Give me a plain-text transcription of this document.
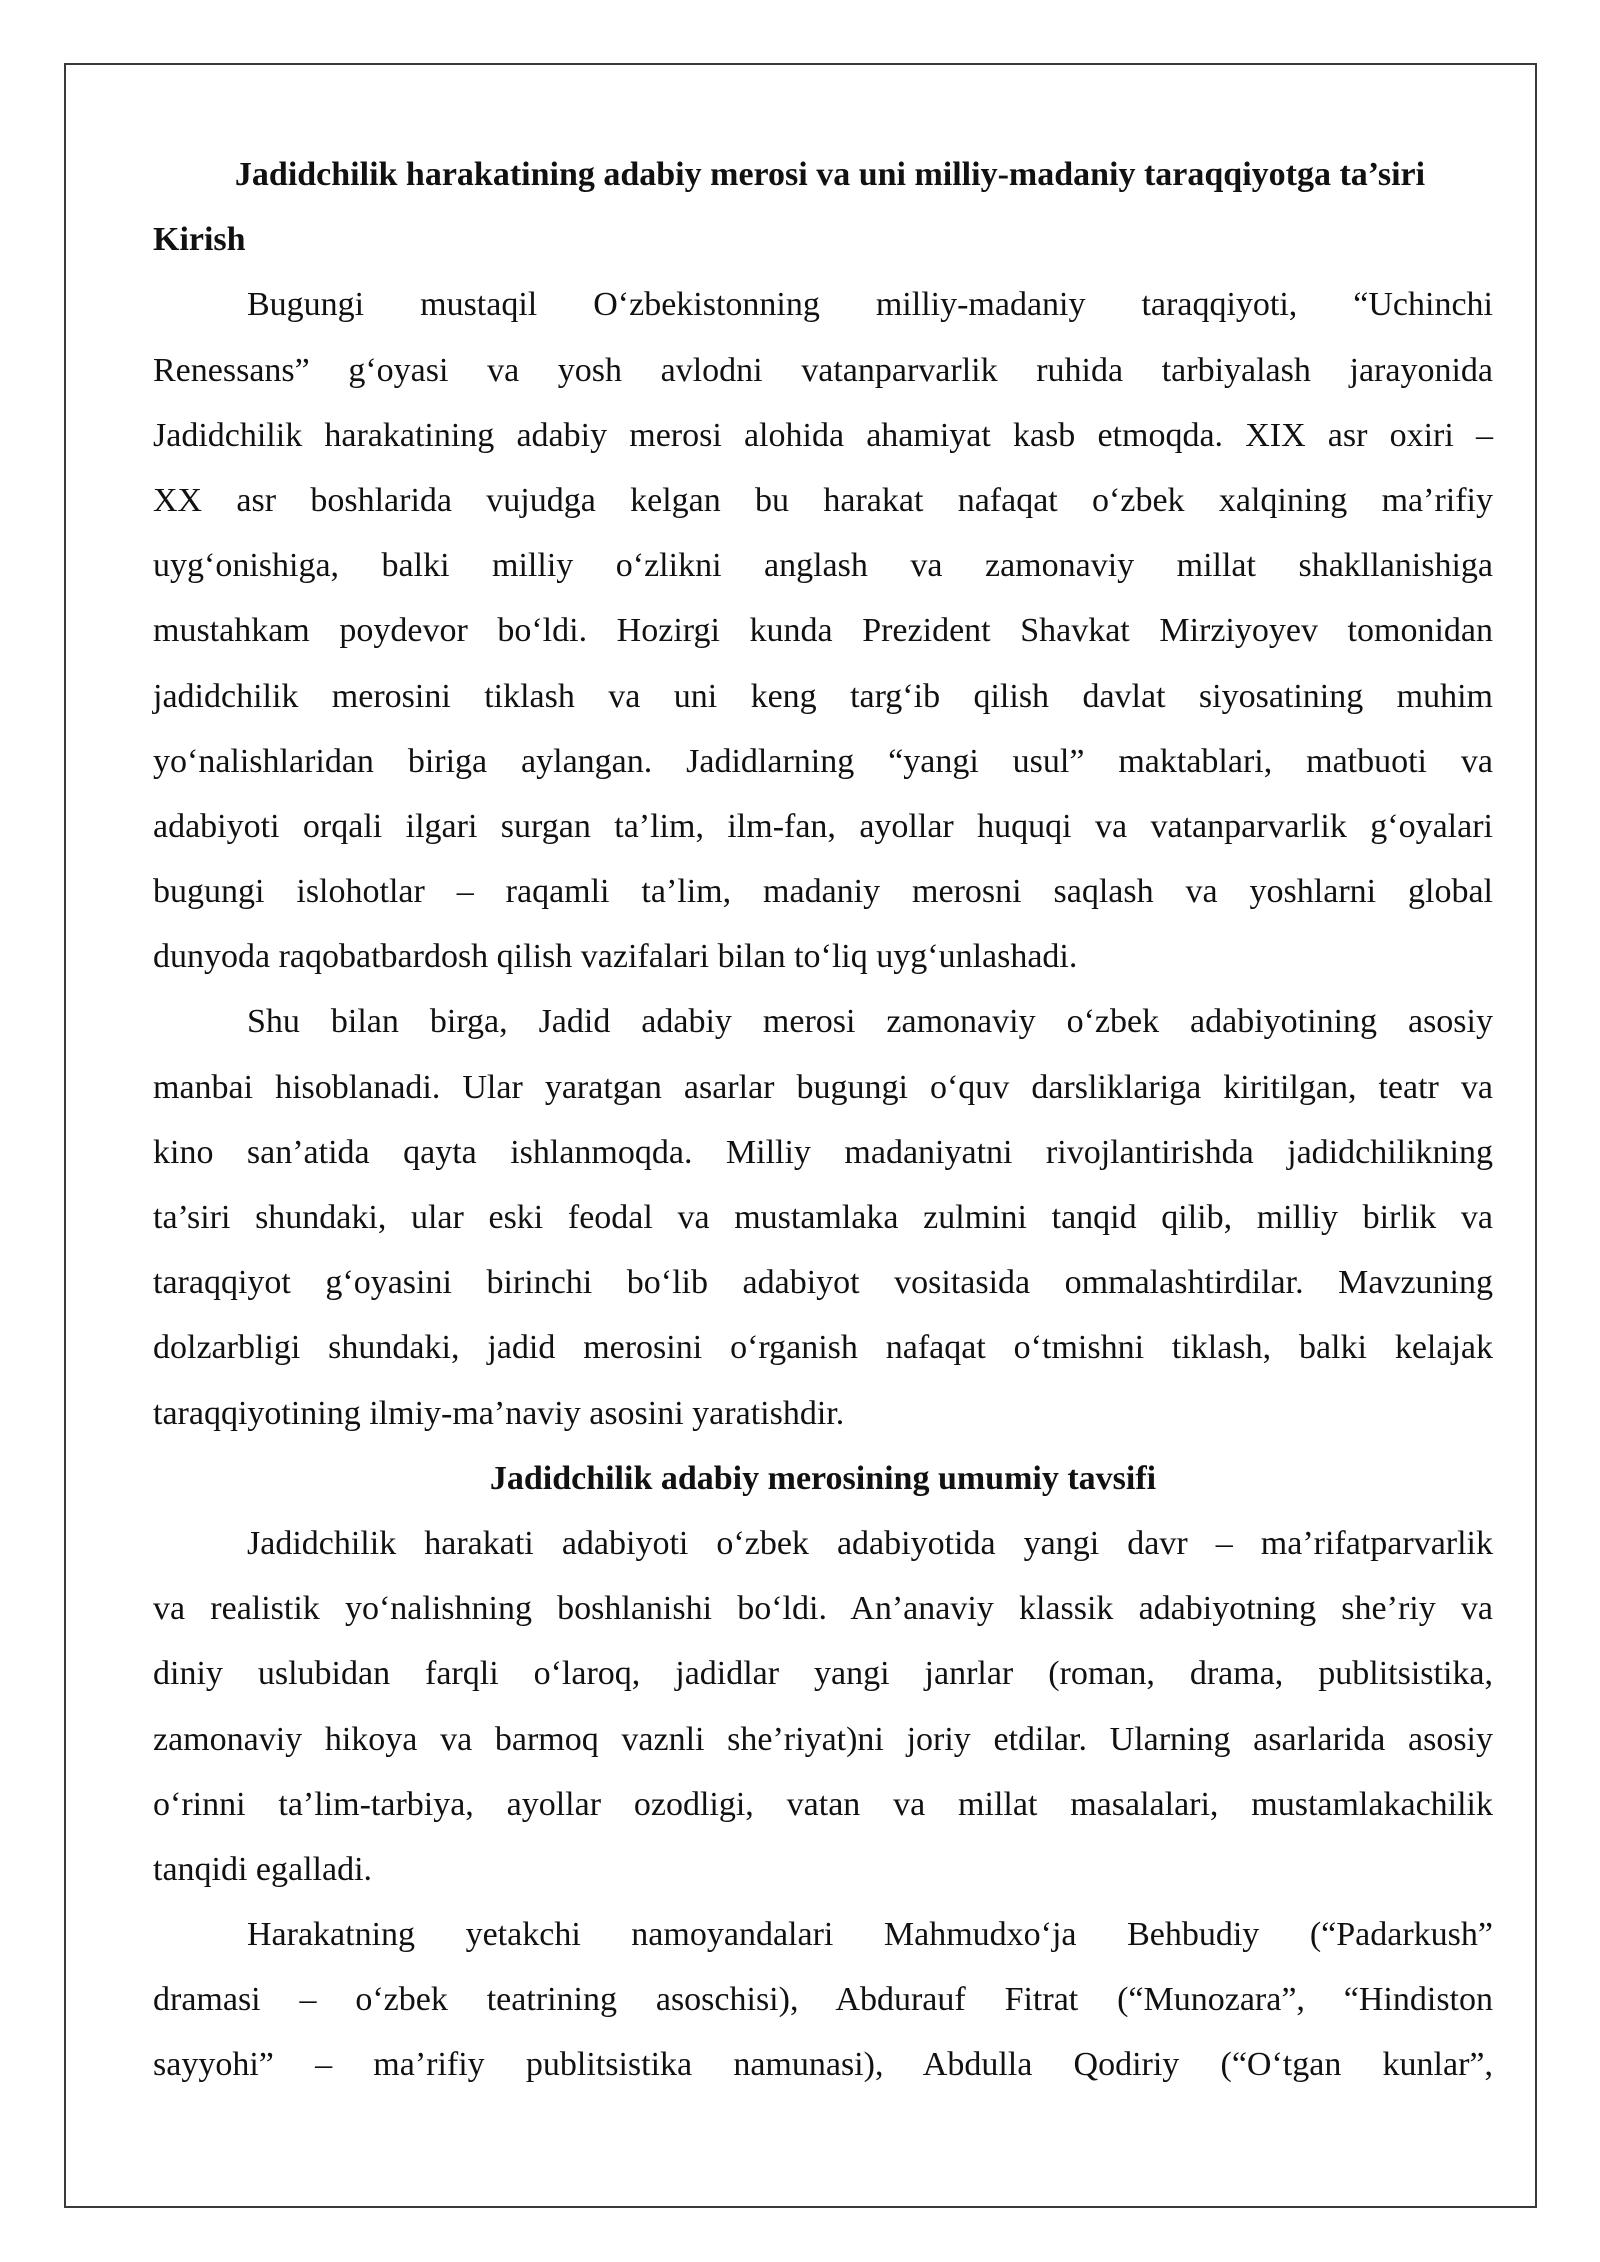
Jadidchilik harakatining adabiy merosi va uni milliy-madaniy taraqqiyotga ta’siri
Kirish
Bugungi mustaqil O‘zbekistonning milliy-madaniy taraqqiyoti, “Uchinchi
Renessans” g‘oyasi va yosh avlodni vatanparvarlik ruhida tarbiyalash jarayonida
Jadidchilik harakatining adabiy merosi alohida ahamiyat kasb etmoqda. XIX asr oxiri –
XX asr boshlarida vujudga kelgan bu harakat nafaqat o‘zbek xalqining ma’rifiy
uyg‘onishiga, balki milliy o‘zlikni anglash va zamonaviy millat shakllanishiga
mustahkam poydevor bo‘ldi. Hozirgi kunda Prezident Shavkat Mirziyoyev tomonidan
jadidchilik merosini tiklash va uni keng targ‘ib qilish davlat siyosatining muhim
yo‘nalishlaridan biriga aylangan. Jadidlarning “yangi usul” maktablari, matbuoti va
adabiyoti orqali ilgari surgan ta’lim, ilm-fan, ayollar huquqi va vatanparvarlik g‘oyalari
bugungi islohotlar – raqamli ta’lim, madaniy merosni saqlash va yoshlarni global
dunyoda raqobatbardosh qilish vazifalari bilan to‘liq uyg‘unlashadi.
Shu bilan birga, Jadid adabiy merosi zamonaviy o‘zbek adabiyotining asosiy
manbai hisoblanadi. Ular yaratgan asarlar bugungi o‘quv darsliklariga kiritilgan, teatr va
kino san’atida qayta ishlanmoqda. Milliy madaniyatni rivojlantirishda jadidchilikning
ta’siri shundaki, ular eski feodal va mustamlaka zulmini tanqid qilib, milliy birlik va
taraqqiyot g‘oyasini birinchi bo‘lib adabiyot vositasida ommalashtirdilar. Mavzuning
dolzarbligi shundaki, jadid merosini o‘rganish nafaqat o‘tmishni tiklash, balki kelajak
taraqqiyotining ilmiy-ma’naviy asosini yaratishdir.
Jadidchilik adabiy merosining umumiy tavsifi
Jadidchilik harakati adabiyoti o‘zbek adabiyotida yangi davr – ma’rifatparvarlik
va realistik yo‘nalishning boshlanishi bo‘ldi. An’anaviy klassik adabiyotning she’riy va
diniy uslubidan farqli o‘laroq, jadidlar yangi janrlar (roman, drama, publitsistika,
zamonaviy hikoya va barmoq vaznli she’riyat)ni joriy etdilar. Ularning asarlarida asosiy
o‘rinni ta’lim-tarbiya, ayollar ozodligi, vatan va millat masalalari, mustamlakachilik
tanqidi egalladi.
Harakatning yetakchi namoyandalari Mahmudxo‘ja Behbudiy (“Padarkush”
dramasi – o‘zbek teatrining asoschisi), Abdurauf Fitrat (“Munozara”, “Hindiston
sayyohi” – ma’rifiy publitsistika namunasi), Abdulla Qodiriy (“O‘tgan kunlar”,
